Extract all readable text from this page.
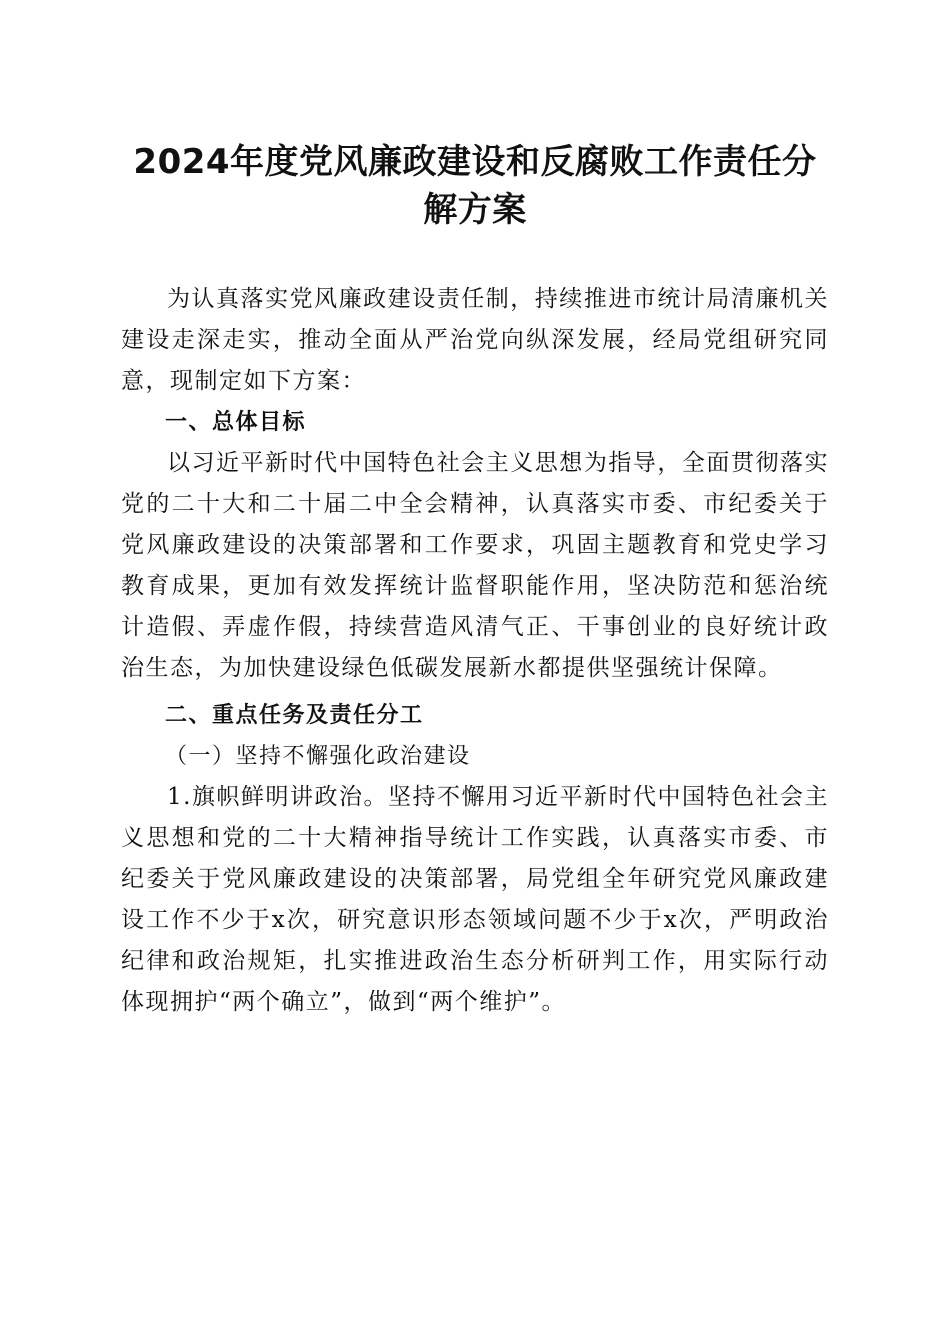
2024年度党风廉政建设和反腐败工作责任分
解方案

为认真落实党风廉政建设责任制，持续推进市统计局清廉机关建设走深走实，推动全面从严治党向纵深发展，经局党组研究同意，现制定如下方案：

一、总体目标

以习近平新时代中国特色社会主义思想为指导，全面贯彻落实党的二十大和二十届二中全会精神，认真落实市委、市纪委关于党风廉政建设的决策部署和工作要求，巩固主题教育和党史学习教育成果，更加有效发挥统计监督职能作用，坚决防范和惩治统计造假、弄虚作假，持续营造风清气正、干事创业的良好统计政治生态，为加快建设绿色低碳发展新水都提供坚强统计保障。

二、重点任务及责任分工
（一）坚持不懈强化政治建设

1.旗帜鲜明讲政治。坚持不懈用习近平新时代中国特色社会主义思想和党的二十大精神指导统计工作实践，认真落实市委、市纪委关于党风廉政建设的决策部署，局党组全年研究党风廉政建设工作不少于x次，研究意识形态领域问题不少于x次，严明政治纪律和政治规矩，扎实推进政治生态分析研判工作，用实际行动体现拥护“两个确立”，做到“两个维护”。
